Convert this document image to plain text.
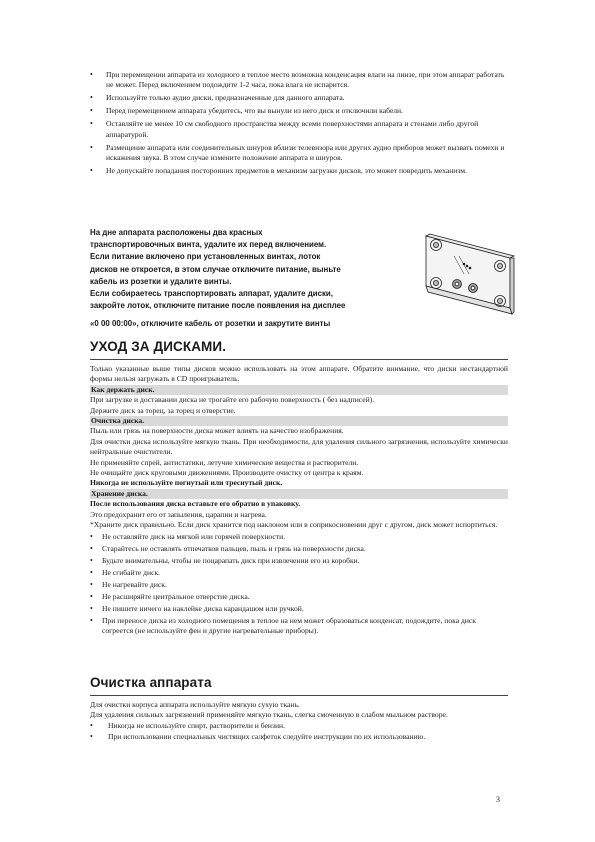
• При перемещении аппарата из холодного в теплое место возможна конденсация влаги на линзе, при этом аппарат работать не может. Перед включением подождите 1-2 часа, пока влага не испарится.
• Используйте только аудио диски, предназначенные для данного аппарата.
• Перед перемещением аппарата убедитесь, что вы вынули из него диск и отключили кабели.
• Оставляйте не менее 10 см свободного пространства между всеми поверхностями аппарата и стенами либо другой аппаратурой.
• Размещение аппарата или соединительных шнуров вблизи телевизора или других аудио приборов может вызвать помехи и искажения звука. В этом случае измените положение аппарата и шнуров.
• Не допускайте попадания посторонних предметов в механизм загрузки дисков, это может повредить механизм.

На дне аппарата расположены два красных

транспортировочных винта, удалите их перед включением.

Если питание включено при установленных винтах, лоток

дисков не откроется, в этом случае отключите питание, выньте

кабель из розетки и удалите винты.

Если собираетесь транспортировать аппарат, удалите диски,

закройте лоток, отключите питание после появления на дисплее

«0 00 00:00», отключите кабель от розетки и закрутите винты

УХОД ЗА ДИСКАМИ.

Только указанные выше типы дисков можно использовать на этом аппарате. Обратите внимание, что диски нестандартной формы нельзя загружать в CD проигрыватель.

Как держать диск.

При загрузке и доставании диска не трогайте его рабочую поверхность ( без надписей).

Держите диск за торец, за торец и отверстие.

Очистка диска.

Пыль или грязь на поверхности диска может влиять на качество изображения.

Для очистки диска используйте мягкую ткань. При необходимости, для удаления сильного загрязнения, используйте химически нейтральные очистители.

Не применяйте спрей, антистатики, летучие химические вещества и растворители.

Не очищайте диск круговыми движениями. Производите очистку от центра к краям.

Никогда не используйте погнутый или треснутый диск.

Хранение диска.

После использования диска вставьте его обратно в упаковку.

Это предохранит его от запыления, царапин и нагрева.

*Храните диск правильно. Если диск хранится под наклоном или в соприкосновении друг с другом, диск может испортиться.

• Не оставляйте диск на мягкой или горячей поверхности.
• Старайтесь не оставлять отпечатков пальцев, пыль и грязь на поверхности диска.
• Будьте внимательны, чтобы не поцарапать диск при извлечении его из коробки.
• Не сгибайте диск.
• Не нагревайте диск.
• Не расширяйте центральное отверстие диска.
• Не пишите ничего на наклейке диска карандашом или ручкой.
• При переносе диска из холодного помещения в теплое на нем может образоваться конденсат, подождите, пока диск согреется (не используйте фен и другие нагревательные приборы).
Очистка аппарата

Для очистки корпуса аппарата используйте мягкую сухую ткань.

Для удаления сильных загрязнений применяйте мягкую ткань, слегка смоченную в слабом мыльном растворе.

• Никогда не используйте спирт, растворители и бензин.
• При использовании специальных чистящих салфеток следуйте инструкции по их использованию.
3
